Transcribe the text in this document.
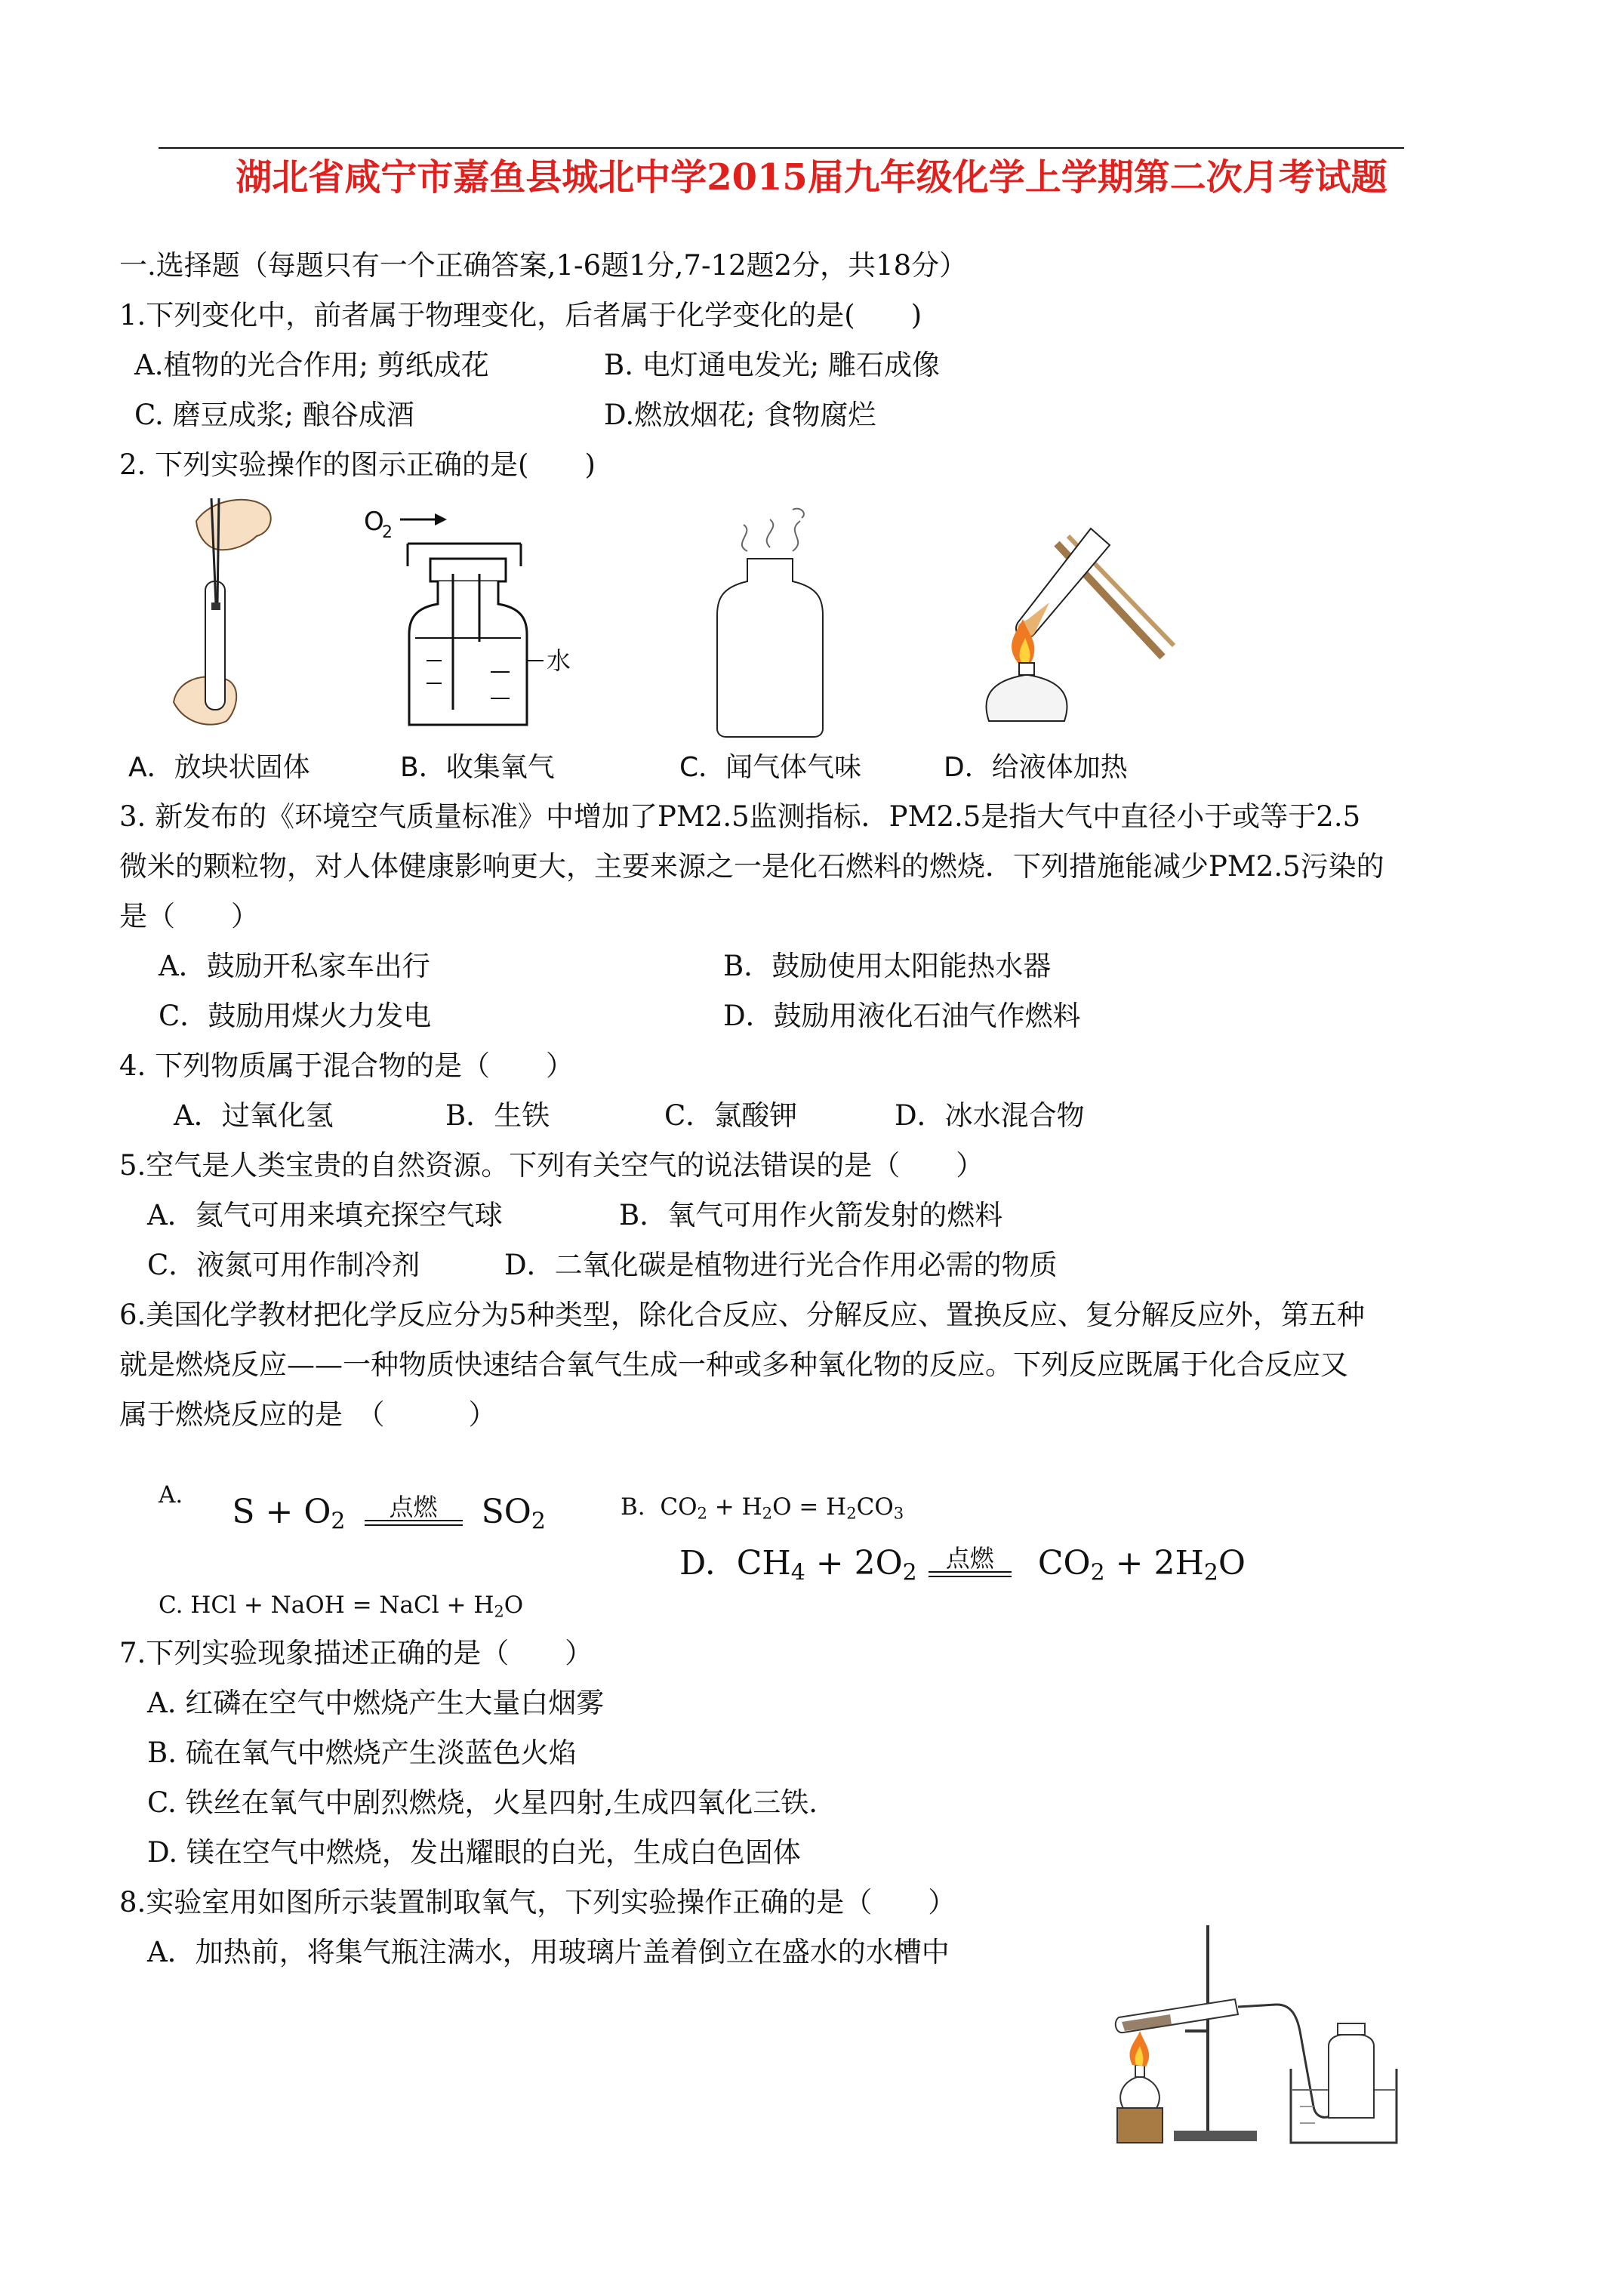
湖北省咸宁市嘉鱼县城北中学2015届九年级化学上学期第二次月考试题
一.选择题（每题只有一个正确答案,1-6题1分,7-12题2分，共18分）
1.下列变化中，前者属于物理变化，后者属于化学变化的是(　　)
A.植物的光合作用; 剪纸成花	B. 电灯通电发光; 雕石成像
C. 磨豆成浆; 酿谷成酒	D.燃放烟花; 食物腐烂
2. 下列实验操作的图示正确的是(　　)
O
2
水
A．放块状固体	B．收集氧气	C．闻气体气味	D．给液体加热
3. 新发布的《环境空气质量标准》中增加了PM2.5监测指标．PM2.5是指大气中直径小于或等于2.5
微米的颗粒物，对人体健康影响更大，主要来源之一是化石燃料的燃烧．下列措施能减少PM2.5污染的
是（　　）
A．鼓励开私家车出行	B．鼓励使用太阳能热水器
C．鼓励用煤火力发电	D．鼓励用液化石油气作燃料
4. 下列物质属于混合物的是（　　）
A．过氧化氢	B．生铁	C．氯酸钾	D．冰水混合物
5.空气是人类宝贵的自然资源。下列有关空气的说法错误的是（　　）
A．氦气可用来填充探空气球	B．氧气可用作火箭发射的燃料
C．液氮可用作制冷剂	D．二氧化碳是植物进行光合作用必需的物质
6.美国化学教材把化学反应分为5种类型，除化合反应、分解反应、置换反应、复分解反应外，第五种
就是燃烧反应——一种物质快速结合氧气生成一种或多种氧化物的反应。下列反应既属于化合反应又
属于燃烧反应的是　（　　　）
A. $S + O_2$	点燃	$SO_2$
B. $CO_2 + H_2O = H_2CO_3$
D. $CH_4 + 2O_2$	点燃	$CO_2 + 2H_2O$
C. HCl + NaOH = NaCl + $H_2O$
7.下列实验现象描述正确的是（　　）
A. 红磷在空气中燃烧产生大量白烟雾
B. 硫在氧气中燃烧产生淡蓝色火焰
C. 铁丝在氧气中剧烈燃烧，火星四射,生成四氧化三铁.
D. 镁在空气中燃烧，发出耀眼的白光，生成白色固体
8.实验室用如图所示装置制取氧气，下列实验操作正确的是（　　）
A．加热前，将集气瓶注满水，用玻璃片盖着倒立在盛水的水槽中
